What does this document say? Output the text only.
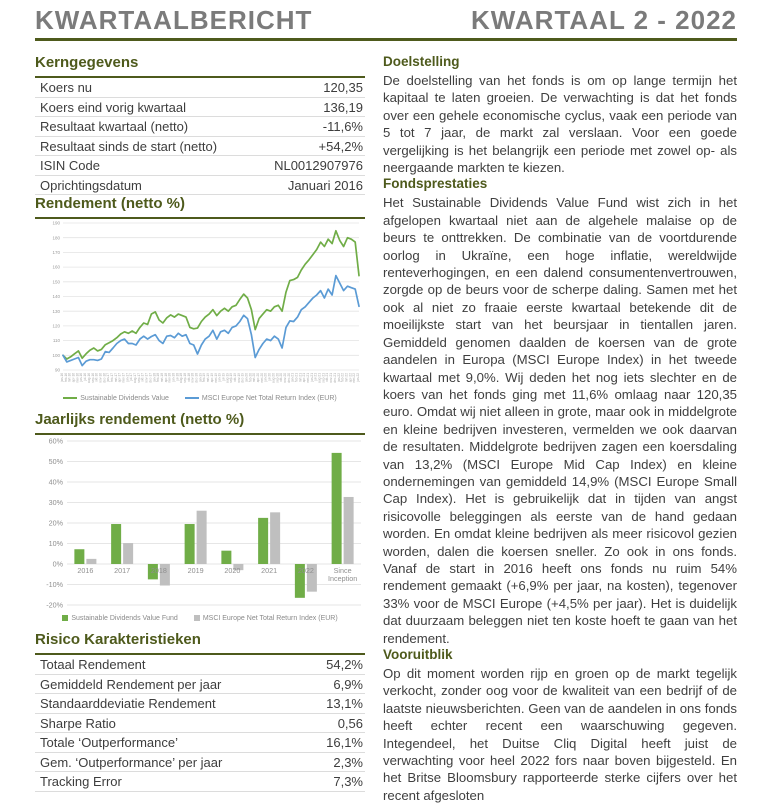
KWARTAALBERICHT	KWARTAAL 2 - 2022
Kerngegevens
Koers nu	120,35
Koers eind vorig kwartaal	136,19
Resultaat kwartaal (netto)	-11,6%
Resultaat sinds de start (netto)	+54,2%
ISIN Code	NL0012907976
Oprichtingsdatum	Januari 2016
Rendement (netto %)
90
100
110
120
130
140
150
160
170
180
190
jan-16 feb-16 mrt-16 apr-16 mei-16 jun-16 jul-16 aug-16 sep-16 okt-16 nov-16 dec-16 jan-17 feb-17 mrt-17 apr-17 mei-17 jun-17 jul-17 aug-17 sep-17 okt-17 nov-17 dec-17 jan-18 feb-18 mrt-18 apr-18 mei-18 jun-18 jul-18 aug-18 sep-18 okt-18 nov-18 dec-18 jan-19 feb-19 mrt-19 apr-19 mei-19 jun-19 jul-19 aug-19 sep-19 okt-19 nov-19 dec-19 jan-20 feb-20 mrt-20 apr-20 mei-20 jun-20 jul-20 aug-20 sep-20 okt-20 nov-20 dec-20 jan-21 feb-21 mrt-21 apr-21 mei-21 jun-21 jul-21 aug-21 sep-21 okt-21 nov-21 dec-21 jan-22 feb-22 mrt-22 apr-22 mei-22 jun-22
Sustainable Dividends Value	MSCI Europe Net Total Return Index (EUR)
Jaarlijks rendement (netto %)
-20%
-10%
0%
10%
20%
30%
40%
50%
60%
2016	2017	2018	2019	2020	2021	2022	Since Inception
Sustainable Dividends Value Fund	MSCI Europe Net Total Return Index (EUR)
Risico Karakteristieken
Totaal Rendement	54,2%
Gemiddeld Rendement per jaar	6,9%
Standaarddeviatie Rendement	13,1%
Sharpe Ratio	0,56
Totale ‘Outperformance’	16,1%
Gem. ‘Outperformance’ per jaar	2,3%
Tracking Error	7,3%
Doelstelling

De doelstelling van het fonds is om op lange termijn het kapitaal te laten groeien. De verwachting is dat het fonds over een gehele economische cyclus, vaak een periode van 5 tot 7 jaar, de markt zal verslaan. Voor een goede vergelijking is het belangrijk een periode met zowel op- als neergaande markten te kiezen.

Fondsprestaties

Het Sustainable Dividends Value Fund wist zich in het afgelopen kwartaal niet aan de algehele malaise op de beurs te onttrekken. De combinatie van de voortdurende oorlog in Ukraïne, een hoge inflatie, wereldwijde renteverhogingen, en een dalend consumentenvertrouwen, zorgde op de beurs voor de scherpe daling. Samen met het ook al niet zo fraaie eerste kwartaal betekende dit de moeilijkste start van het beursjaar in tientallen jaren. Gemiddeld genomen daalden de koersen van de grote aandelen in Europa (MSCI Europe Index) in het tweede kwartaal met 9,0%. Wij deden het nog iets slechter en de koers van het fonds ging met 11,6% omlaag naar 120,35 euro. Omdat wij niet alleen in grote, maar ook in middelgrote en kleine bedrijven investeren, vermelden we ook daarvan de resultaten. Middelgrote bedrijven zagen een koersdaling van 13,2% (MSCI Europe Mid Cap Index) en kleine ondernemingen van gemiddeld 14,9% (MSCI Europe Small Cap Index). Het is gebruikelijk dat in tijden van angst risicovolle beleggingen als eerste van de hand gedaan worden. En omdat kleine bedrijven als meer risicovol gezien worden, dalen die koersen sneller. Zo ook in ons fonds. Vanaf de start in 2016 heeft ons fonds nu ruim 54% rendement gemaakt (+6,9% per jaar, na kosten), tegenover 33% voor de MSCI Europe (+4,5% per jaar). Het is duidelijk dat duurzaam beleggen niet ten koste hoeft te gaan van het rendement.

Vooruitblik

Op dit moment worden rijp en groen op de markt tegelijk verkocht, zonder oog voor de kwaliteit van een bedrijf of de laatste nieuwsberichten. Geen van de aandelen in ons fonds heeft echter recent een waarschuwing gegeven. Integendeel, het Duitse Cliq Digital heeft juist de verwachting voor heel 2022 fors naar boven bijgesteld. En het Britse Bloomsbury rapporteerde sterke cijfers over het recent afgesloten
